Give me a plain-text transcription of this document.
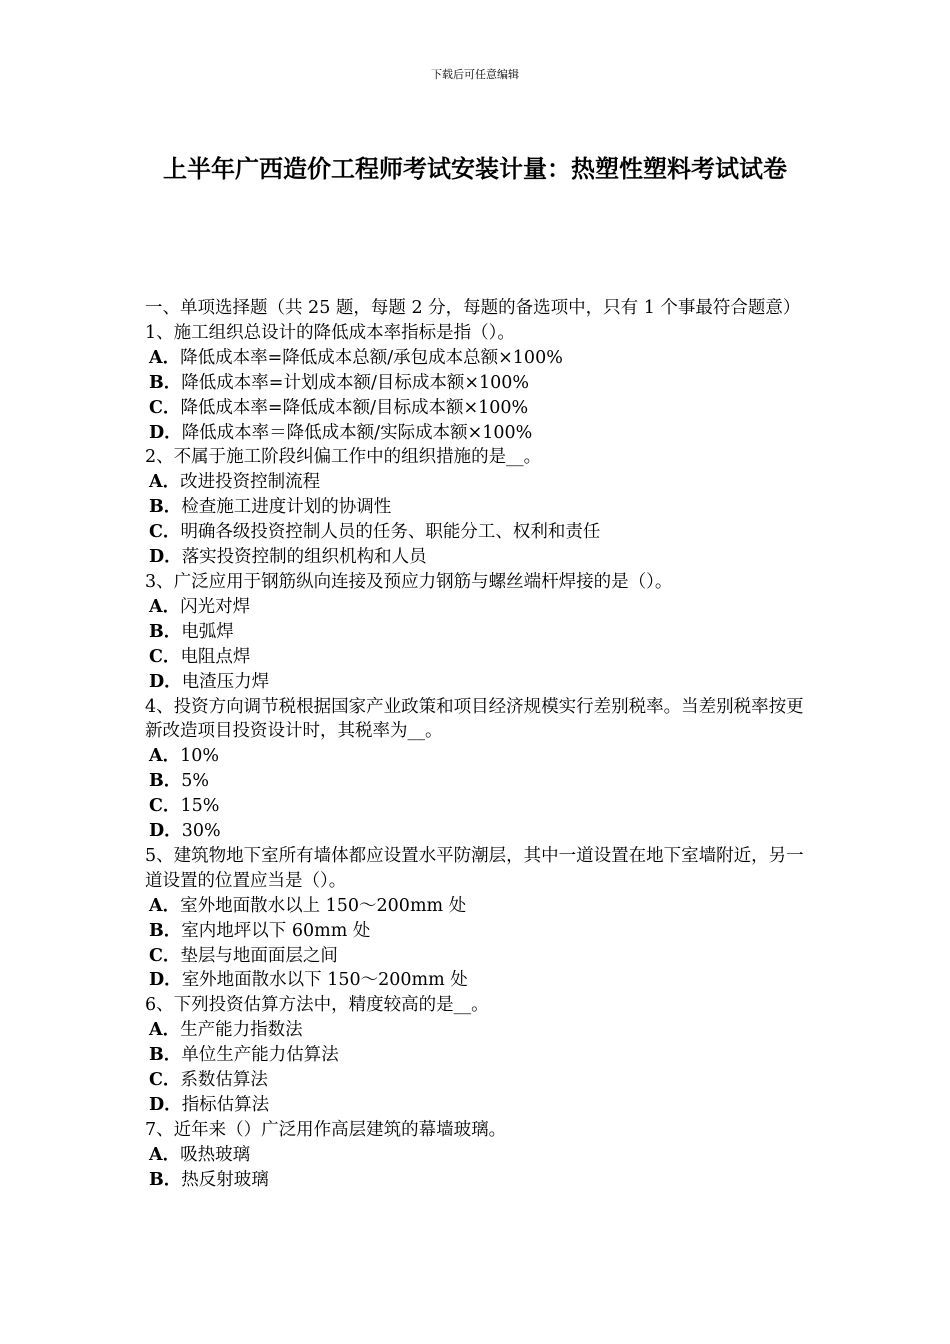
下载后可任意编辑
上半年广西造价工程师考试安装计量：热塑性塑料考试试卷
一、单项选择题（共 25 题，每题 2 分，每题的备选项中，只有 1 个事最符合题意）
1、施工组织总设计的降低成本率指标是指（）。
A．降低成本率=降低成本总额/承包成本总额×100%
B．降低成本率=计划成本额/目标成本额×100%
C．降低成本率=降低成本额/目标成本额×100%
D．降低成本率＝降低成本额/实际成本额×100%
2、不属于施工阶段纠偏工作中的组织措施的是__。
A．改进投资控制流程
B．检查施工进度计划的协调性
C．明确各级投资控制人员的任务、职能分工、权利和责任
D．落实投资控制的组织机构和人员
3、广泛应用于钢筋纵向连接及预应力钢筋与螺丝端杆焊接的是（）。
A．闪光对焊
B．电弧焊
C．电阻点焊
D．电渣压力焊
4、投资方向调节税根据国家产业政策和项目经济规模实行差别税率。当差别税率按更新改造项目投资设计时，其税率为__。
A．10%
B．5%
C．15%
D．30%
5、建筑物地下室所有墙体都应设置水平防潮层，其中一道设置在地下室墙附近，另一道设置的位置应当是（）。
A．室外地面散水以上 150～200mm 处
B．室内地坪以下 60mm 处
C．垫层与地面面层之间
D．室外地面散水以下 150～200mm 处
6、下列投资估算方法中，精度较高的是__。
A．生产能力指数法
B．单位生产能力估算法
C．系数估算法
D．指标估算法
7、近年来（）广泛用作高层建筑的幕墙玻璃。
A．吸热玻璃
B．热反射玻璃
